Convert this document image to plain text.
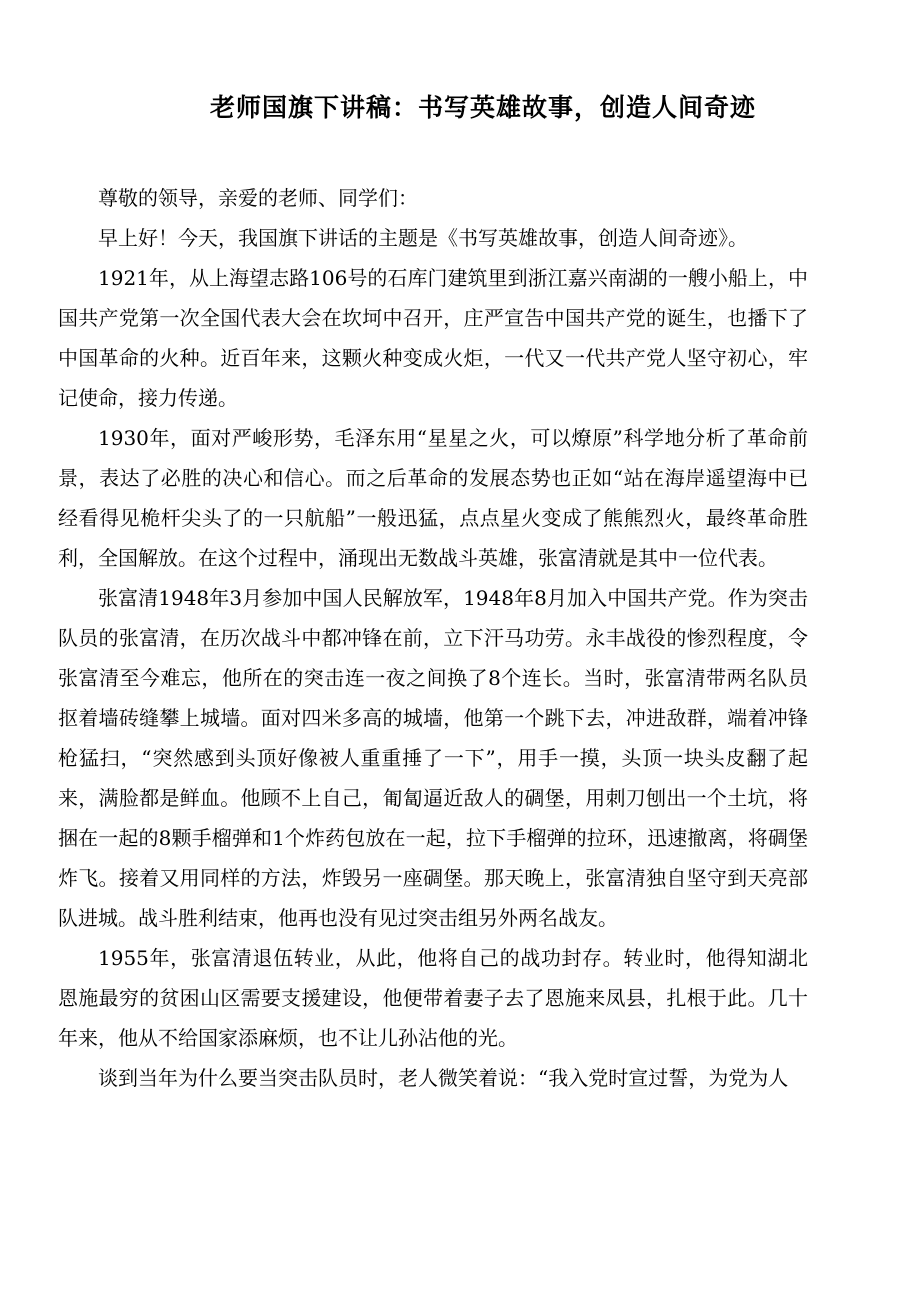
老师国旗下讲稿：书写英雄故事，创造人间奇迹

尊敬的领导，亲爱的老师、同学们：

早上好！今天，我国旗下讲话的主题是《书写英雄故事，创造人间奇迹》。

1921年，从上海望志路106号的石库门建筑里到浙江嘉兴南湖的一艘小船上，中国共产党第一次全国代表大会在坎坷中召开，庄严宣告中国共产党的诞生，也播下了中国革命的火种。近百年来，这颗火种变成火炬，一代又一代共产党人坚守初心，牢记使命，接力传递。

1930年，面对严峻形势，毛泽东用“星星之火，可以燎原”科学地分析了革命前景，表达了必胜的决心和信心。而之后革命的发展态势也正如“站在海岸遥望海中已经看得见桅杆尖头了的一只航船”一般迅猛，点点星火变成了熊熊烈火，最终革命胜利，全国解放。在这个过程中，涌现出无数战斗英雄，张富清就是其中一位代表。

张富清1948年3月参加中国人民解放军，1948年8月加入中国共产党。作为突击队员的张富清，在历次战斗中都冲锋在前，立下汗马功劳。永丰战役的惨烈程度，令张富清至今难忘，他所在的突击连一夜之间换了8个连长。当时，张富清带两名队员抠着墙砖缝攀上城墙。面对四米多高的城墙，他第一个跳下去，冲进敌群，端着冲锋枪猛扫，“突然感到头顶好像被人重重捶了一下”，用手一摸，头顶一块头皮翻了起来，满脸都是鲜血。他顾不上自己，匍匐逼近敌人的碉堡，用刺刀刨出一个土坑，将捆在一起的8颗手榴弹和1个炸药包放在一起，拉下手榴弹的拉环，迅速撤离，将碉堡炸飞。接着又用同样的方法，炸毁另一座碉堡。那天晚上，张富清独自坚守到天亮部队进城。战斗胜利结束，他再也没有见过突击组另外两名战友。

1955年，张富清退伍转业，从此，他将自己的战功封存。转业时，他得知湖北恩施最穷的贫困山区需要支援建设，他便带着妻子去了恩施来凤县，扎根于此。几十年来，他从不给国家添麻烦，也不让儿孙沾他的光。

谈到当年为什么要当突击队员时，老人微笑着说：“我入党时宣过誓，为党为人
